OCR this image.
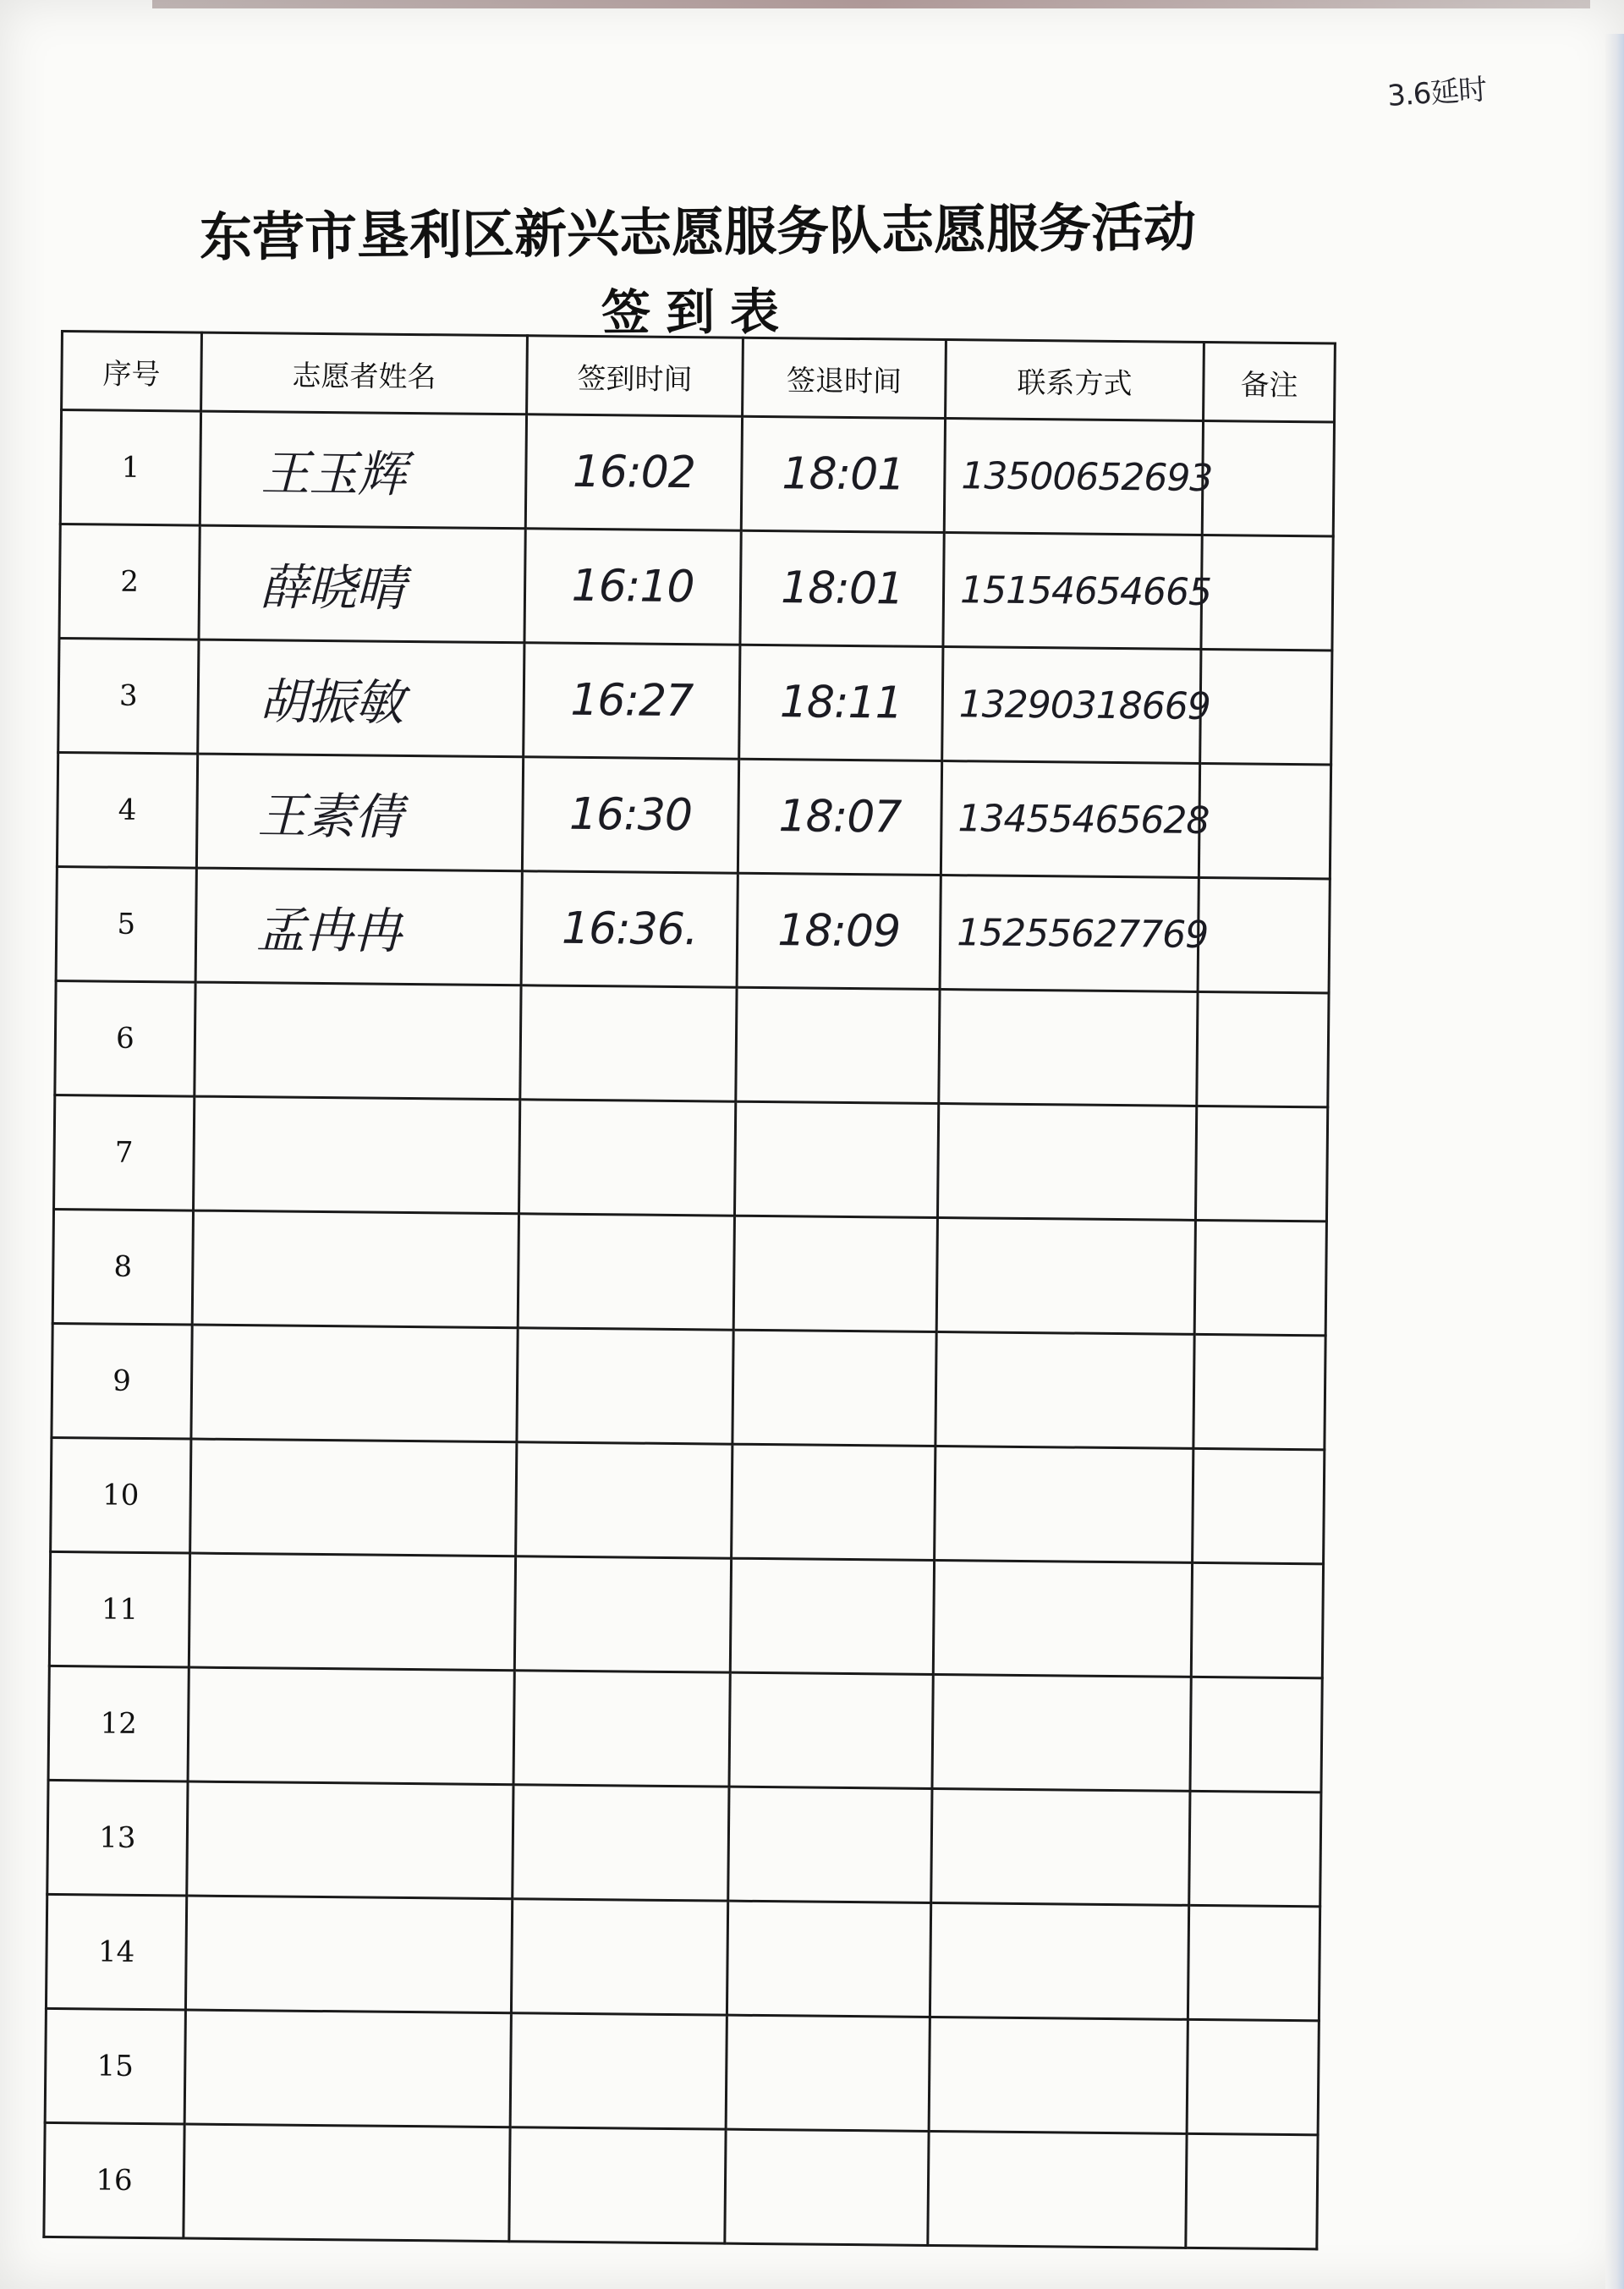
3.6延时
东营市垦利区新兴志愿服务队志愿服务活动
签到表
序号	志愿者姓名	签到时间	签退时间	联系方式	备注
1	王玉辉	16:02	18:01	13500652693	
2	薛晓晴	16:10	18:01	15154654665	
3	胡振敏	16:27	18:11	13290318669	
4	王素倩	16:30	18:07	13455465628	
5	孟冉冉	16:36.	18:09	15255627769	
6					
7					
8					
9					
10					
11					
12					
13					
14					
15					
16					
